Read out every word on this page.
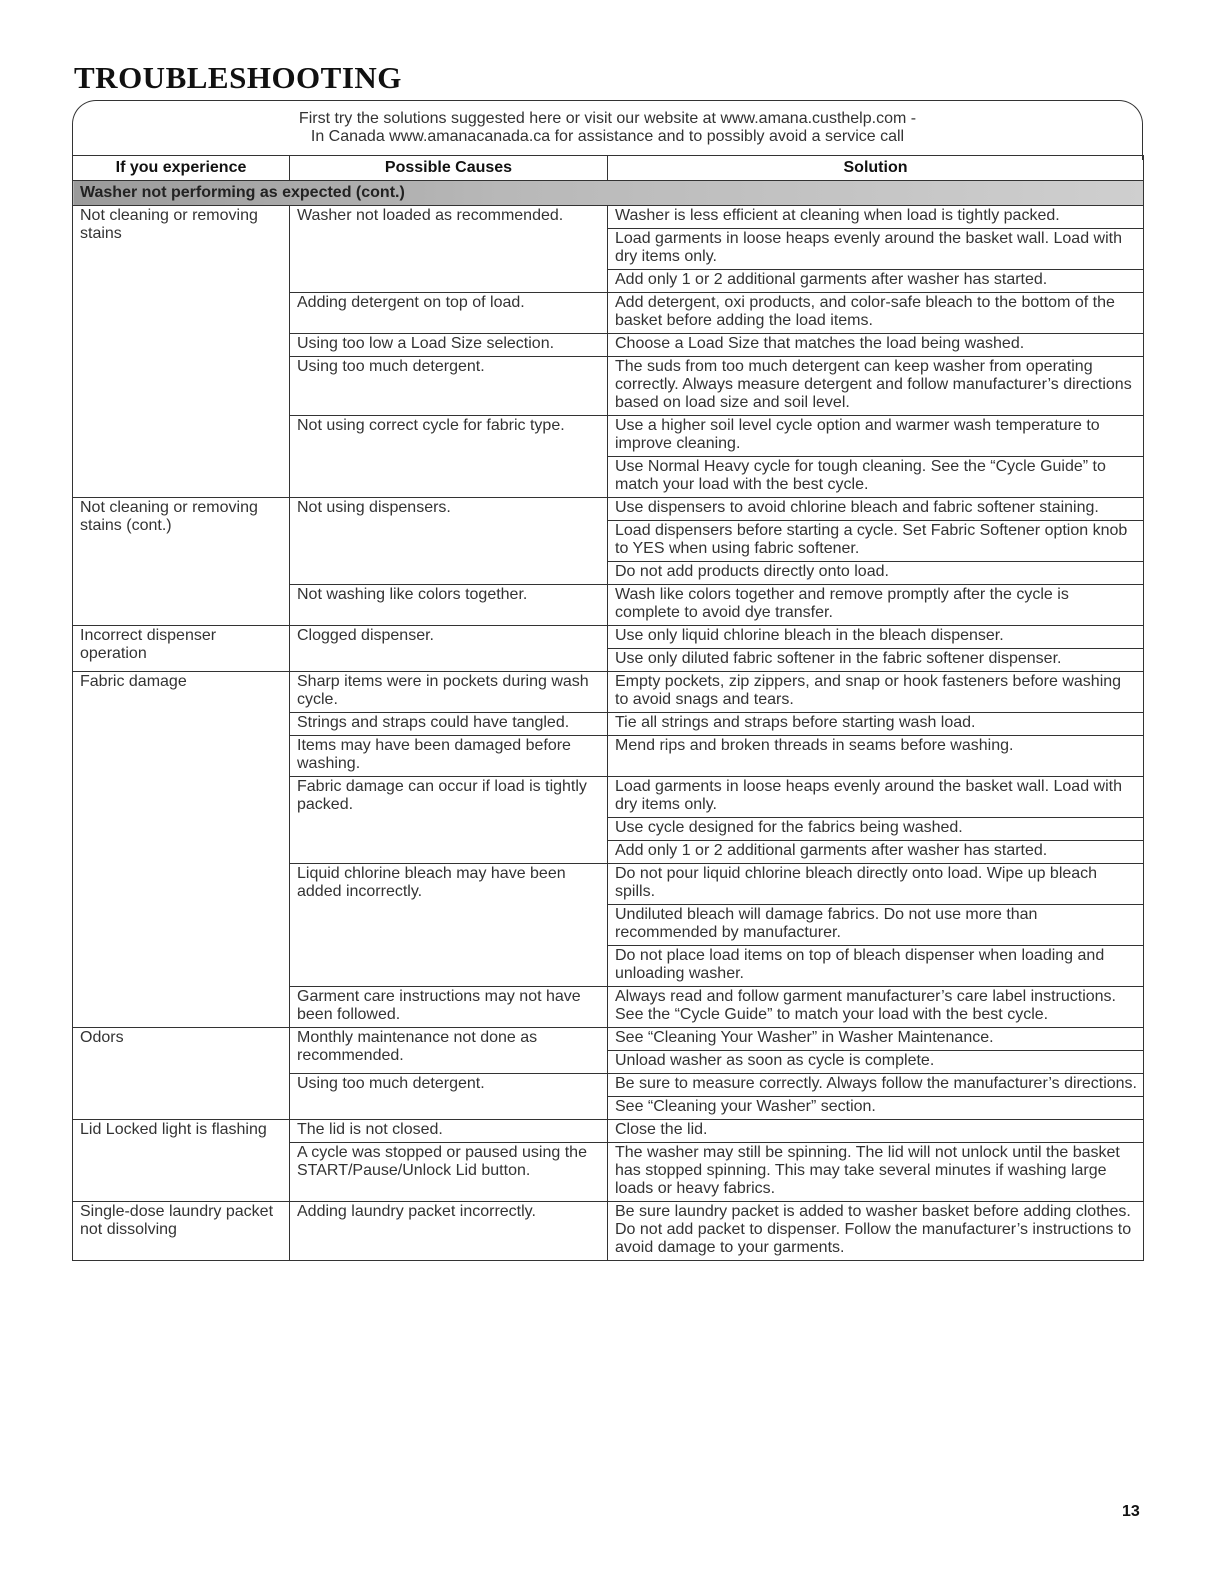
TROUBLESHOOTING
First try the solutions suggested here or visit our website at www.amana.custhelp.com -
In Canada www.amanacanada.ca for assistance and to possibly avoid a service call
If you experience	Possible Causes	Solution
Washer not performing as expected (cont.)		
Not cleaning or removing stains	Washer not loaded as recommended.	Washer is less efficient at cleaning when load is tightly packed.
		Load garments in loose heaps evenly around the basket wall. Load with dry items only.
		Add only 1 or 2 additional garments after washer has started.
	Adding detergent on top of load.	Add detergent, oxi products, and color-safe bleach to the bottom of the basket before adding the load items.
	Using too low a Load Size selection.	Choose a Load Size that matches the load being washed.
	Using too much detergent.	The suds from too much detergent can keep washer from operating correctly. Always measure detergent and follow manufacturer’s directions based on load size and soil level.
	Not using correct cycle for fabric type.	Use a higher soil level cycle option and warmer wash temperature to improve cleaning.
		Use Normal Heavy cycle for tough cleaning. See the “Cycle Guide” to match your load with the best cycle.
Not cleaning or removing stains (cont.)	Not using dispensers.	Use dispensers to avoid chlorine bleach and fabric softener staining.
		Load dispensers before starting a cycle. Set Fabric Softener option knob to YES when using fabric softener.
		Do not add products directly onto load.
	Not washing like colors together.	Wash like colors together and remove promptly after the cycle is complete to avoid dye transfer.
Incorrect dispenser operation	Clogged dispenser.	Use only liquid chlorine bleach in the bleach dispenser.
		Use only diluted fabric softener in the fabric softener dispenser.
Fabric damage	Sharp items were in pockets during wash cycle.	Empty pockets, zip zippers, and snap or hook fasteners before washing to avoid snags and tears.
	Strings and straps could have tangled.	Tie all strings and straps before starting wash load.
	Items may have been damaged before washing.	Mend rips and broken threads in seams before washing.
	Fabric damage can occur if load is tightly packed.	Load garments in loose heaps evenly around the basket wall. Load with dry items only.
		Use cycle designed for the fabrics being washed.
		Add only 1 or 2 additional garments after washer has started.
	Liquid chlorine bleach may have been added incorrectly.	Do not pour liquid chlorine bleach directly onto load. Wipe up bleach spills.
		Undiluted bleach will damage fabrics. Do not use more than recommended by manufacturer.
		Do not place load items on top of bleach dispenser when loading and unloading washer.
	Garment care instructions may not have been followed.	Always read and follow garment manufacturer’s care label instructions. See the “Cycle Guide” to match your load with the best cycle.
Odors	Monthly maintenance not done as recommended.	See “Cleaning Your Washer” in Washer Maintenance.
		Unload washer as soon as cycle is complete.
	Using too much detergent.	Be sure to measure correctly. Always follow the manufacturer’s directions.
		See “Cleaning your Washer” section.
Lid Locked light is flashing	The lid is not closed.	Close the lid.
	A cycle was stopped or paused using the START/Pause/Unlock Lid button.	The washer may still be spinning. The lid will not unlock until the basket has stopped spinning. This may take several minutes if washing large loads or heavy fabrics.
Single-dose laundry packet not dissolving	Adding laundry packet incorrectly.	Be sure laundry packet is added to washer basket before adding clothes. Do not add packet to dispenser. Follow the manufacturer’s instructions to avoid damage to your garments.
13
